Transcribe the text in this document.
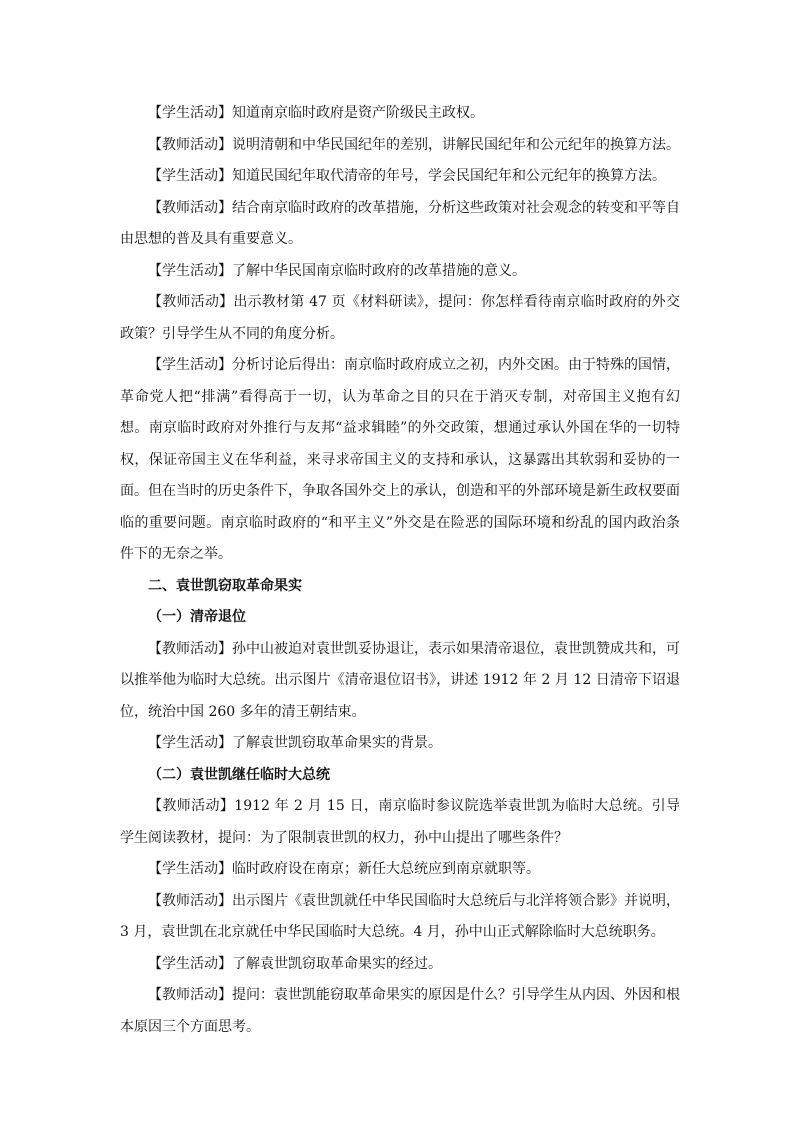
【学生活动】知道南京临时政府是资产阶级民主政权。

【教师活动】说明清朝和中华民国纪年的差别，讲解民国纪年和公元纪年的换算方法。

【学生活动】知道民国纪年取代清帝的年号，学会民国纪年和公元纪年的换算方法。

【教师活动】结合南京临时政府的改革措施，分析这些政策对社会观念的转变和平等自由思想的普及具有重要意义。

【学生活动】了解中华民国南京临时政府的改革措施的意义。

【教师活动】出示教材第 47 页《材料研读》，提问：你怎样看待南京临时政府的外交政策？引导学生从不同的角度分析。

【学生活动】分析讨论后得出：南京临时政府成立之初，内外交困。由于特殊的国情，革命党人把“排满”看得高于一切，认为革命之目的只在于消灭专制，对帝国主义抱有幻想。南京临时政府对外推行与友邦“益求辑睦”的外交政策，想通过承认外国在华的一切特权，保证帝国主义在华利益，来寻求帝国主义的支持和承认，这暴露出其软弱和妥协的一面。但在当时的历史条件下，争取各国外交上的承认，创造和平的外部环境是新生政权要面临的重要问题。南京临时政府的“和平主义”外交是在险恶的国际环境和纷乱的国内政治条件下的无奈之举。

二、袁世凯窃取革命果实

（一）清帝退位

【教师活动】孙中山被迫对袁世凯妥协退让，表示如果清帝退位，袁世凯赞成共和，可以推举他为临时大总统。出示图片《清帝退位诏书》，讲述 1912 年 2 月 12 日清帝下诏退位，统治中国 260 多年的清王朝结束。

【学生活动】了解袁世凯窃取革命果实的背景。

（二）袁世凯继任临时大总统

【教师活动】1912 年 2 月 15 日，南京临时参议院选举袁世凯为临时大总统。引导学生阅读教材，提问：为了限制袁世凯的权力，孙中山提出了哪些条件？

【学生活动】临时政府设在南京；新任大总统应到南京就职等。

【教师活动】出示图片《袁世凯就任中华民国临时大总统后与北洋将领合影》并说明，3 月，袁世凯在北京就任中华民国临时大总统。4 月，孙中山正式解除临时大总统职务。

【学生活动】了解袁世凯窃取革命果实的经过。

【教师活动】提问：袁世凯能窃取革命果实的原因是什么？引导学生从内因、外因和根本原因三个方面思考。
